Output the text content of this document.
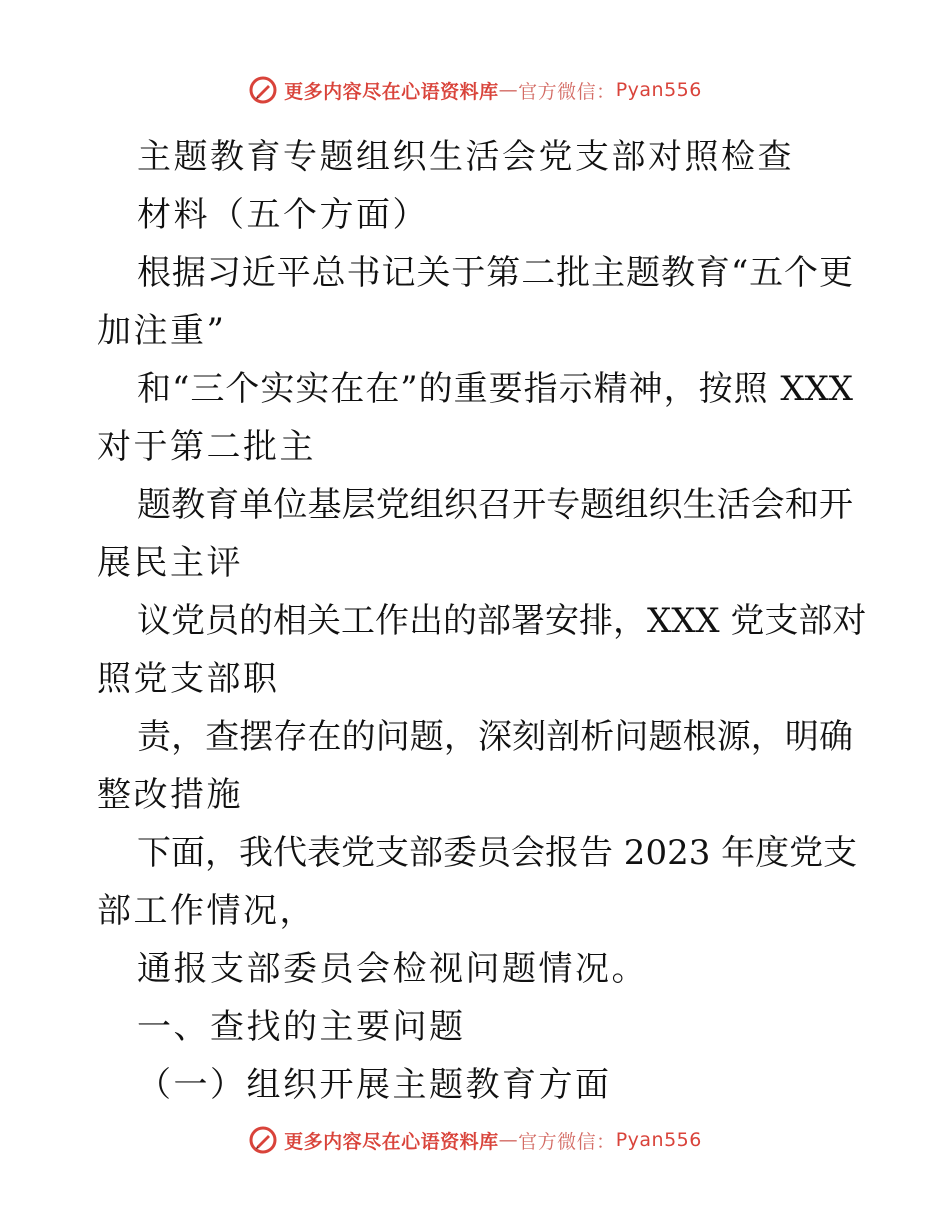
更多内容尽在心语资料库 — 官方微信： Pyan556
主题教育专题组织生活会党支部对照检查
材料（五个方面）
根据习近平总书记关于第二批主题教育“五个更
加注重”
和“三个实实在在”的重要指示精神，按照 XXX
对于第二批主
题教育单位基层党组织召开专题组织生活会和开
展民主评
议党员的相关工作出的部署安排，XXX 党支部对
照党支部职
责，查摆存在的问题，深刻剖析问题根源，明确
整改措施
下面，我代表党支部委员会报告 2023 年度党支
部工作情况，
通报支部委员会检视问题情况。
一、查找的主要问题
（一）组织开展主题教育方面
更多内容尽在心语资料库 — 官方微信： Pyan556
